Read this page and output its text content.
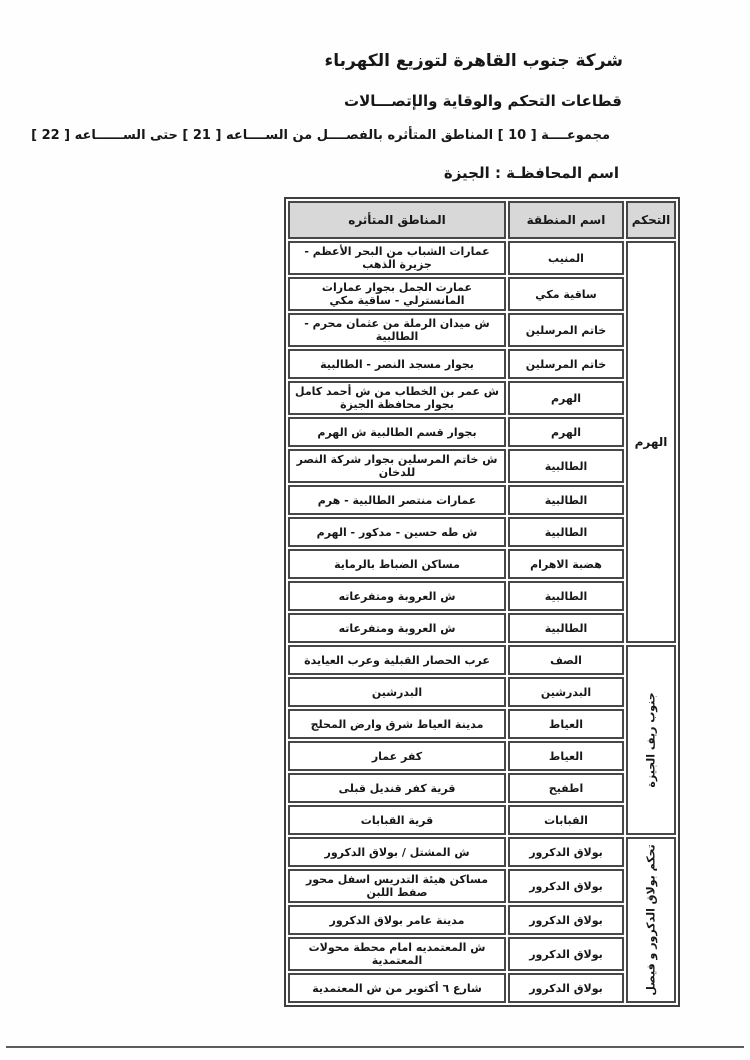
شركة جنوب القاهرة لتوزيع الكهرباء
قطاعات التحكم والوقاية والإتصـــالات
مجموعــــة [ 10 ] المناطق المتأثره بالفصــــل من الســــاعه [ 21 ] حتى الســــــاعه [ 22 ]
اسم المحافظـة : الجيزة
التحكم	اسم المنطقة	المناطق المتأثره
الهرم	المنيب	عمارات الشباب من البحر الأعظم - جزيرة الذهب
	ساقية مكي	عمارت الجمل بجوار عمارات المانسترلي - ساقية مكي
	خاتم المرسلين	ش ميدان الرملة من عثمان محرم - الطالبية
	خاتم المرسلين	بجوار مسجد النصر - الطالبية
	الهرم	ش عمر بن الخطاب من ش أحمد كامل بجوار محافظة الجيزة
	الهرم	بجوار قسم الطالبية ش الهرم
	الطالبية	ش خاتم المرسلين بجوار شركة النصر للدخان
	الطالبية	عمارات منتصر الطالبية - هرم
	الطالبية	ش طه حسين - مدكور - الهرم
	هضبة الاهرام	مساكن الضباط بالرماية
	الطالبية	ش العروبة ومتفرعاته
	الطالبية	ش العروبة ومتفرعاته

جنوب ريف الجيزة	الصف	عرب الحصار القبلية وعرب العيايدة
	البدرشين	البدرشين
	العياط	مدينة العياط شرق وارض المحلج
	العياط	كفر عمار
	اطفيح	قرية كفر قنديل قبلى
	القبابات	قرية القبابات

تحكم بولاق الدكرور و فيصل	بولاق الدكرور	ش المشتل / بولاق الدكرور
	بولاق الدكرور	مساكن هيئة التدريس اسفل محور صفط اللبن
	بولاق الدكرور	مدينة عامر بولاق الدكرور
	بولاق الدكرور	ش المعتمديه امام محطة محولات المعتمدية
	بولاق الدكرور	شارع ٦ أكتوبر من ش المعتمدية
